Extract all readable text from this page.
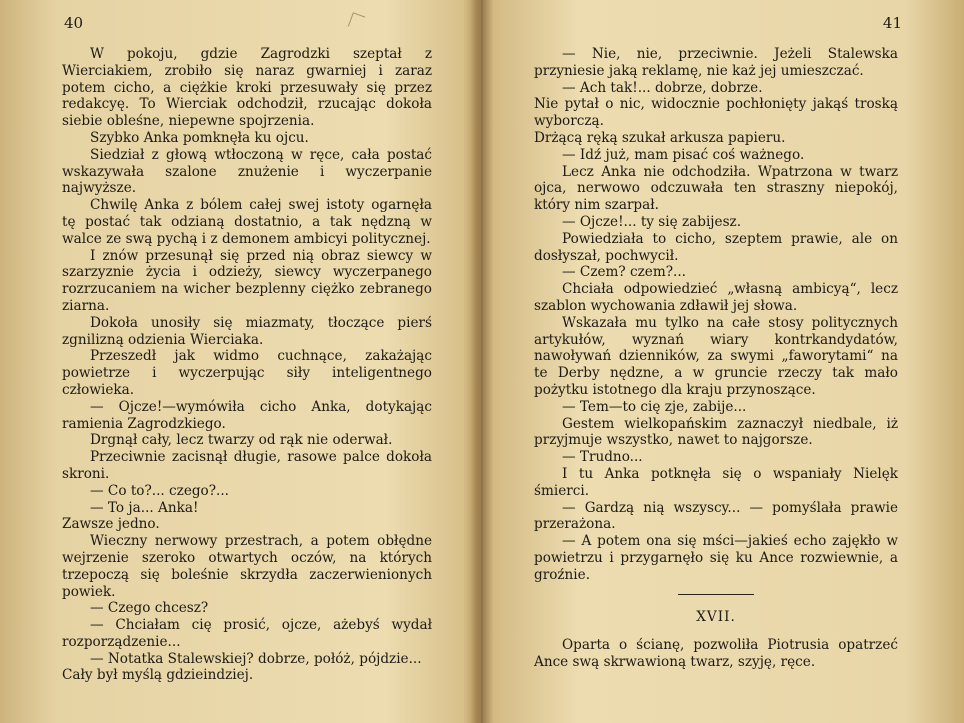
40

W pokoju, gdzie Zagrodzki szeptał z Wierciakiem, zrobiło się naraz gwarniej i zaraz potem cicho, a ciężkie kroki przesuwały się przez redakcyę. To Wierciak odchodził, rzucając dokoła siebie obleśne, niepewne spojrzenia.

Szybko Anka pomknęła ku ojcu.

Siedział z głową wtłoczoną w ręce, cała postać wskazywała szalone znużenie i wyczerpanie najwyższe.

Chwilę Anka z bólem całej swej istoty ogarnęła tę postać tak odzianą dostatnio, a tak nędzną w walce ze swą pychą i z demonem ambicyi politycznej.

I znów przesunął się przed nią obraz siewcy w szarzyznie życia i odzieży, siewcy wyczerpanego rozrzucaniem na wicher bezplenny ciężko zebranego ziarna.

Dokoła unosiły się miazmaty, tłoczące pierś zgnilizną odzienia Wierciaka.

Przeszedł jak widmo cuchnące, zakażając powietrze i wyczerpując siły inteligentnego człowieka.

— Ojcze!—wymówiła cicho Anka, dotykając ramienia Zagrodzkiego.

Drgnął cały, lecz twarzy od rąk nie oderwał.

Przeciwnie zacisnął długie, rasowe palce dokoła skroni.

— Co to?... czego?...

— To ja... Anka!

Zawsze jedno.

Wieczny nerwowy przestrach, a potem obłędne wejrzenie szeroko otwartych oczów, na których trzepoczą się boleśnie skrzydła zaczerwienionych powiek.

— Czego chcesz?

— Chciałam cię prosić, ojcze, ażebyś wydał rozporządzenie...

— Notatka Stalewskiej? dobrze, połóż, pójdzie...

Cały był myślą gdzieindziej.

41

— Nie, nie, przeciwnie. Jeżeli Stalewska przyniesie jaką reklamę, nie każ jej umieszczać.

— Ach tak!... dobrze, dobrze.

Nie pytał o nic, widocznie pochłonięty jakąś troską wyborczą.

Drżącą ręką szukał arkusza papieru.

— Idź już, mam pisać coś ważnego.

Lecz Anka nie odchodziła. Wpatrzona w twarz ojca, nerwowo odczuwała ten straszny niepokój, który nim szarpał.

— Ojcze!... ty się zabijesz.

Powiedziała to cicho, szeptem prawie, ale on dosłyszał, pochwycił.

— Czem? czem?...

Chciała odpowiedzieć „własną ambicyą“, lecz szablon wychowania zdławił jej słowa.

Wskazała mu tylko na całe stosy politycznych artykułów, wyznań wiary kontrkandydatów, nawoływań dzienników, za swymi „faworytami“ na te Derby nędzne, a w gruncie rzeczy tak mało pożytku istotnego dla kraju przynoszące.

— Tem—to cię zje, zabije...

Gestem wielkopańskim zaznaczył niedbale, iż przyjmuje wszystko, nawet to najgorsze.

— Trudno...

I tu Anka potknęła się o wspaniały Nielęk śmierci.

— Gardzą nią wszyscy... — pomyślała prawie przerażona.

— A potem ona się mści—jakieś echo zajękło w powietrzu i przygarnęło się ku Ance rozwiewnie, a groźnie.

XVII.

Oparta o ścianę, pozwoliła Piotrusia opatrzeć Ance swą skrwawioną twarz, szyję, ręce.
